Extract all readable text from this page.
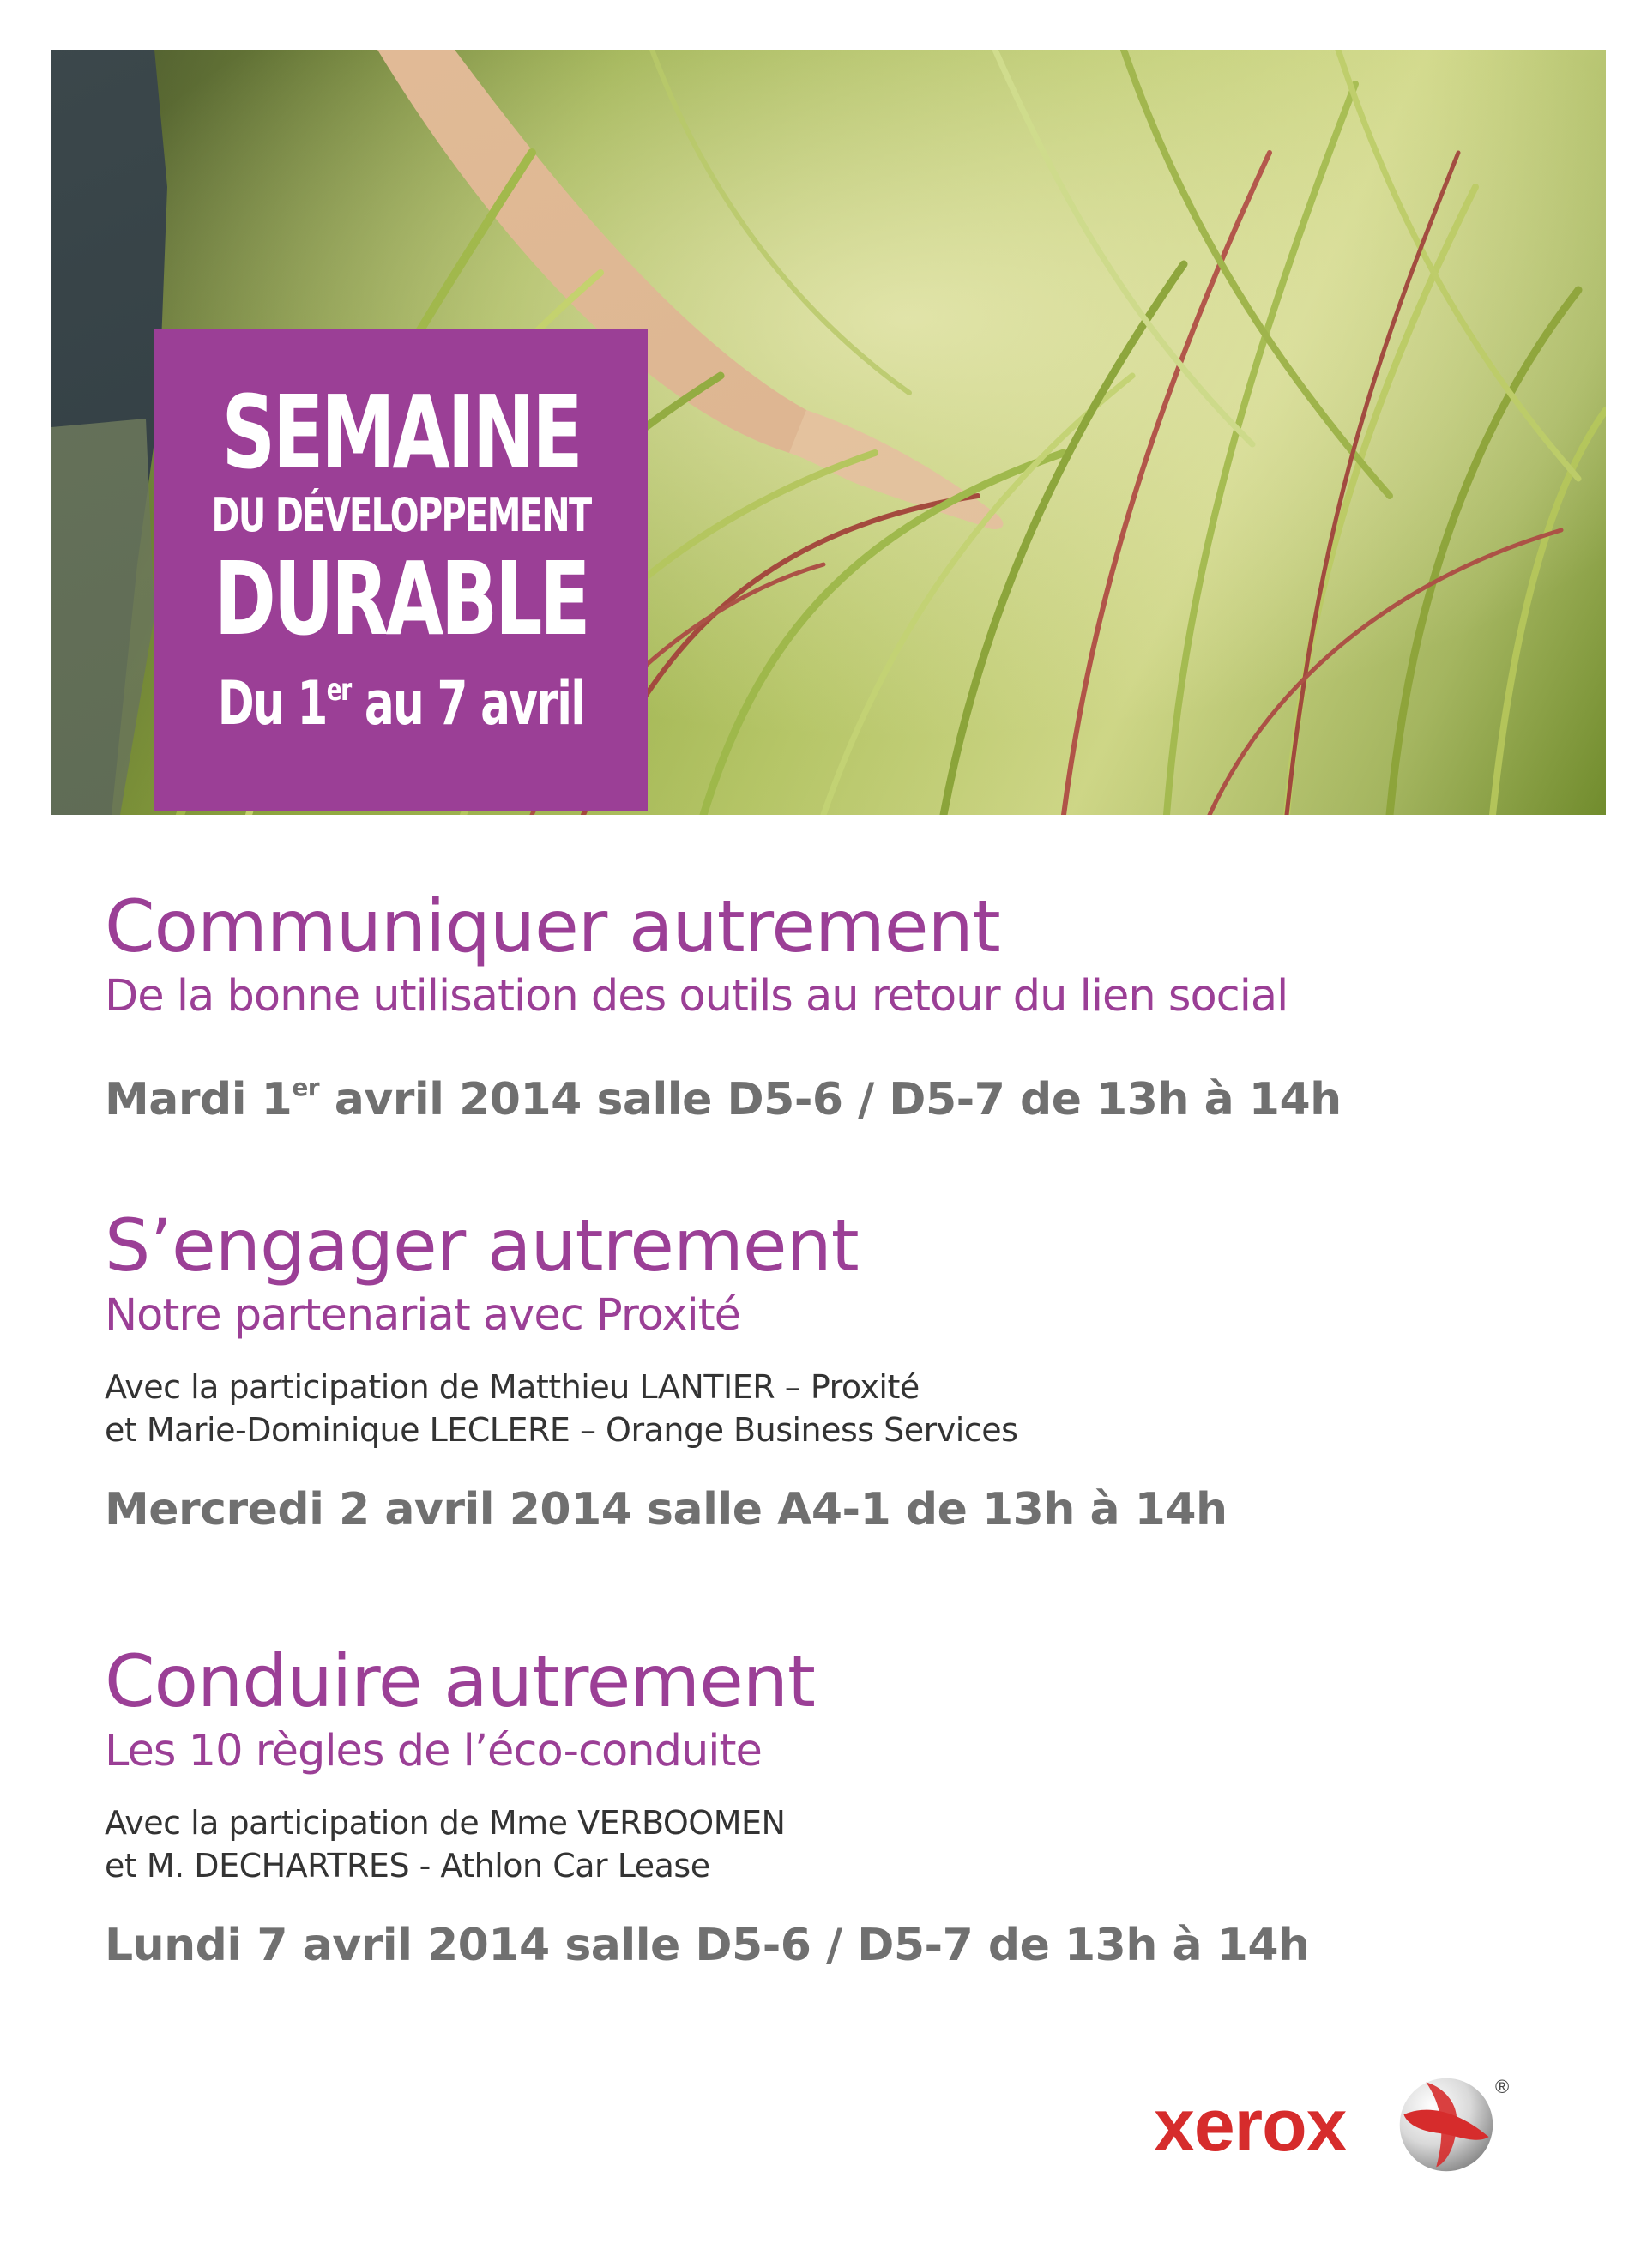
SEMAINE
DU DÉVELOPPEMENT
DURABLE
Du 1er au 7 avril
Communiquer autrement
De la bonne utilisation des outils au retour du lien social
Mardi 1er avril 2014 salle D5-6 / D5-7 de 13h à 14h
S’engager autrement
Notre partenariat avec Proxité
Avec la participation de Matthieu LANTIER – Proxité
et Marie-Dominique LECLERE – Orange Business Services
Mercredi 2 avril 2014 salle A4-1 de 13h à 14h
Conduire autrement
Les 10 règles de l’éco-conduite
Avec la participation de Mme VERBOOMEN
et M. DECHARTRES - Athlon Car Lease
Lundi 7 avril 2014 salle D5-6 / D5-7 de 13h à 14h
xerox	®
